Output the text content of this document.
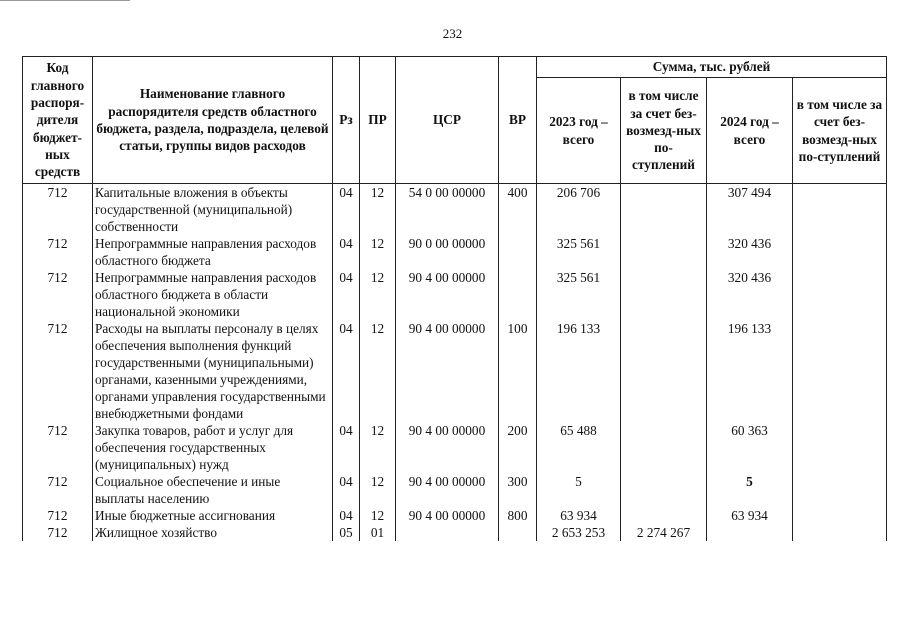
232
Код главного распоря-дителя бюджет-ных средств	Наименование главного распорядителя средств областного бюджета, раздела, подраздела, целевой статьи, группы видов расходов	Рз	ПР	ЦСР	ВР	Сумма, тыс. рублей			
						2023 год – всего	в том числе за счет без-возмезд-ных по-ступлений	2024 год – всего	в том числе за счет без-возмезд-ных по-ступлений
712	Капитальные вложения в объекты государственной (муниципальной) собственности	04	12	54 0 00 00000	400	206 706		307 494	
712	Непрограммные направления расходов областного бюджета	04	12	90 0 00 00000		325 561		320 436	
712	Непрограммные направления расходов областного бюджета в области национальной экономики	04	12	90 4 00 00000		325 561		320 436	
712	Расходы на выплаты персоналу в целях обеспечения выполнения функций государственными (муниципальными) органами, казенными учреждениями, органами управления государственными внебюджетными фондами	04	12	90 4 00 00000	100	196 133		196 133	
712	Закупка товаров, работ и услуг для обеспечения государственных (муниципальных) нужд	04	12	90 4 00 00000	200	65 488		60 363	
712	Социальное обеспечение и иные выплаты населению	04	12	90 4 00 00000	300	5		5	
712	Иные бюджетные ассигнования	04	12	90 4 00 00000	800	63 934		63 934	
712	Жилищное хозяйство	05	01			2 653 253	2 274 267		
